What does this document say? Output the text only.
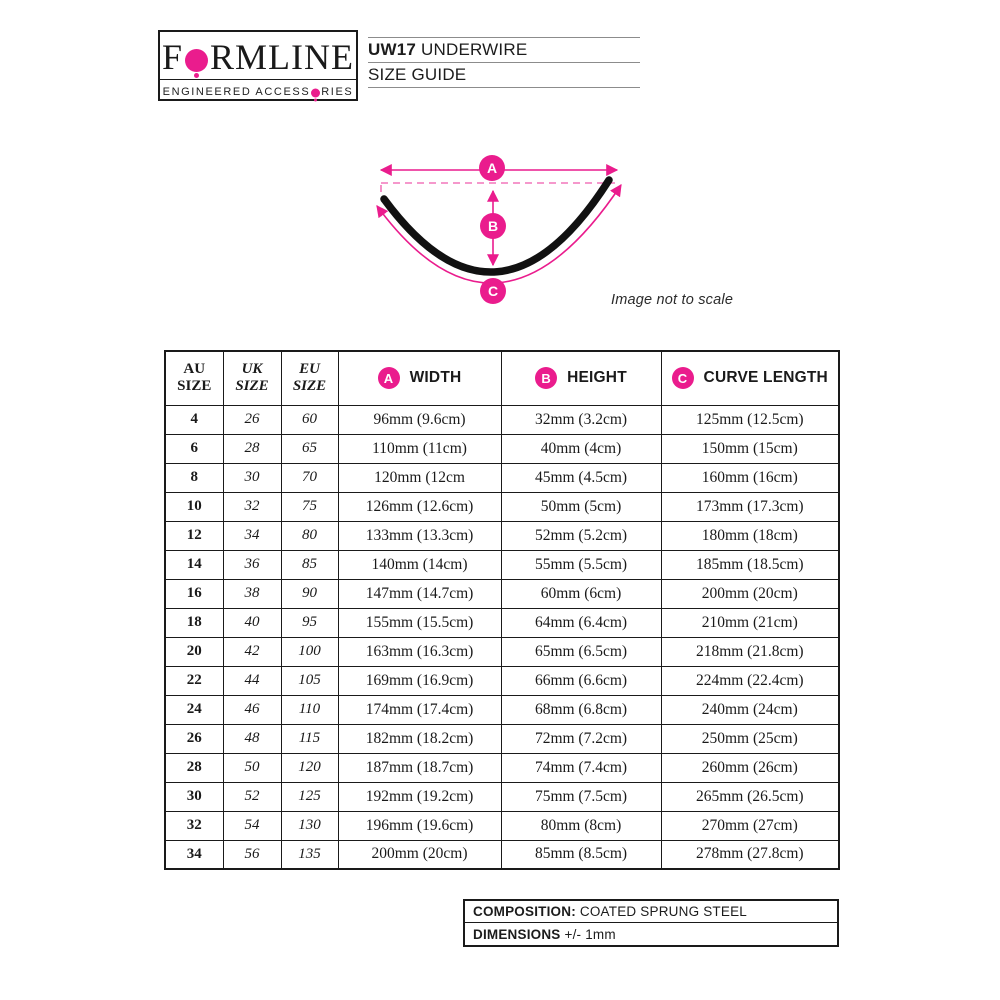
F RMLINE
ENGINEERED ACCESS RIES
UW17 UNDERWIRE
SIZE GUIDE
A
B
C
Image not to scale
AU SIZE	UK SIZE	EU SIZE	A WIDTH	B HEIGHT	C CURVE LENGTH

4	26	60	96mm (9.6cm)	32mm (3.2cm)	125mm (12.5cm)
6	28	65	110mm (11cm)	40mm (4cm)	150mm (15cm)
8	30	70	120mm (12cm	45mm (4.5cm)	160mm (16cm)
10	32	75	126mm (12.6cm)	50mm (5cm)	173mm (17.3cm)
12	34	80	133mm (13.3cm)	52mm (5.2cm)	180mm (18cm)
14	36	85	140mm (14cm)	55mm (5.5cm)	185mm (18.5cm)
16	38	90	147mm (14.7cm)	60mm (6cm)	200mm (20cm)
18	40	95	155mm (15.5cm)	64mm (6.4cm)	210mm (21cm)
20	42	100	163mm (16.3cm)	65mm (6.5cm)	218mm (21.8cm)
22	44	105	169mm (16.9cm)	66mm (6.6cm)	224mm (22.4cm)
24	46	110	174mm (17.4cm)	68mm (6.8cm)	240mm (24cm)
26	48	115	182mm (18.2cm)	72mm (7.2cm)	250mm (25cm)
28	50	120	187mm (18.7cm)	74mm (7.4cm)	260mm (26cm)
30	52	125	192mm (19.2cm)	75mm (7.5cm)	265mm (26.5cm)
32	54	130	196mm (19.6cm)	80mm (8cm)	270mm (27cm)
34	56	135	200mm (20cm)	85mm (8.5cm)	278mm (27.8cm)
COMPOSITION: COATED SPRUNG STEEL
DIMENSIONS +/- 1mm
